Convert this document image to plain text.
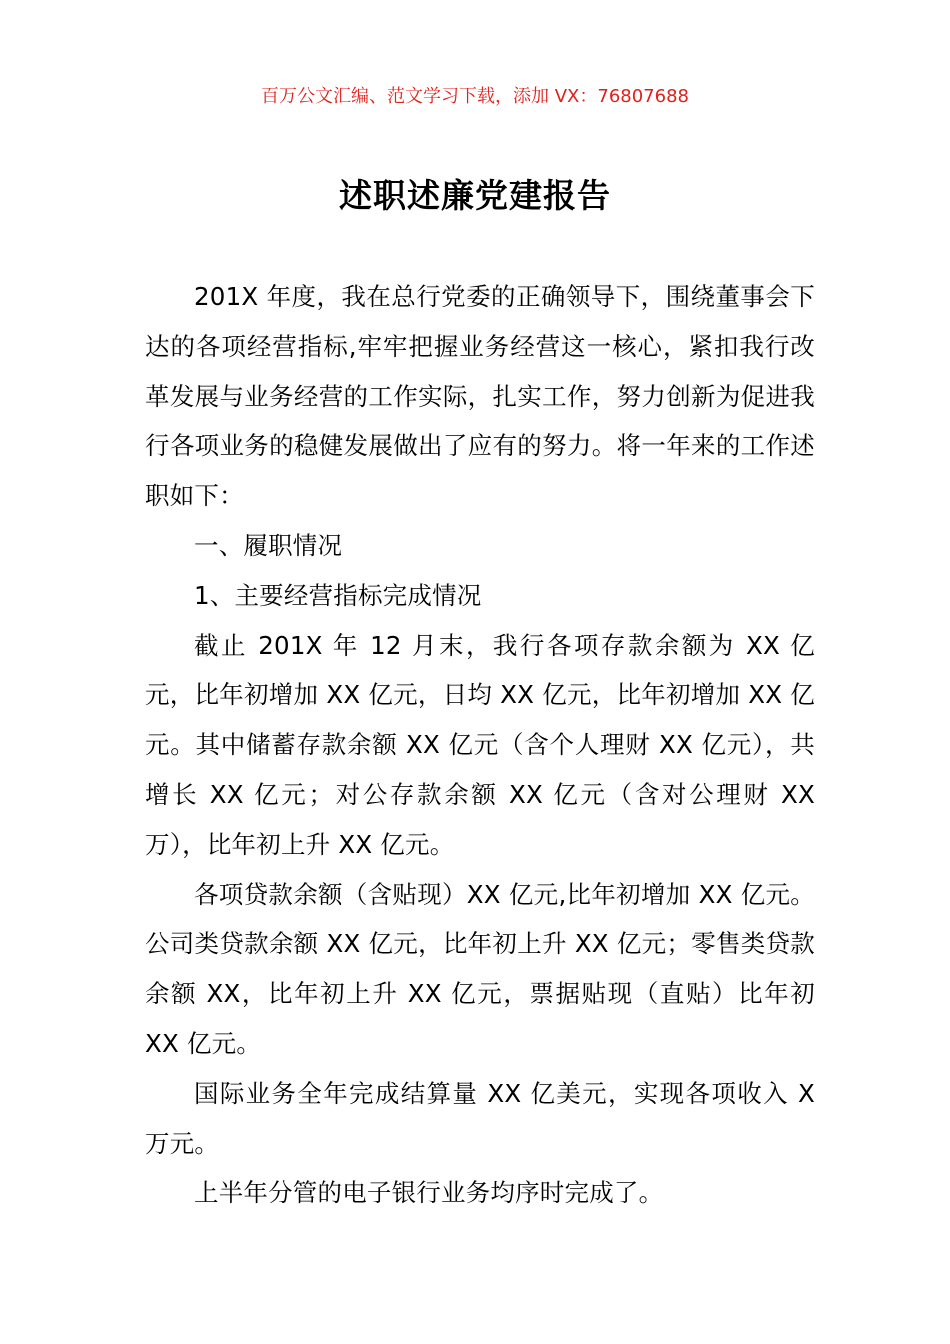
百万公文汇编、范文学习下载，添加 VX：76807688
述职述廉党建报告

201X 年度，我在总行党委的正确领导下，围绕董事会下达的各项经营指标,牢牢把握业务经营这一核心，紧扣我行改革发展与业务经营的工作实际，扎实工作，努力创新为促进我行各项业务的稳健发展做出了应有的努力。将一年来的工作述职如下：

一、履职情况

1、主要经营指标完成情况

截止 201X 年 12 月末，我行各项存款余额为 XX 亿元，比年初增加 XX 亿元，日均 XX 亿元，比年初增加 XX 亿元。其中储蓄存款余额 XX 亿元（含个人理财 XX 亿元），共增长 XX 亿元；对公存款余额 XX 亿元（含对公理财 XX 万），比年初上升 XX 亿元。

各项贷款余额（含贴现）XX 亿元,比年初增加 XX 亿元。公司类贷款余额 XX 亿元，比年初上升 XX 亿元；零售类贷款余额 XX，比年初上升 XX 亿元，票据贴现（直贴）比年初 XX 亿元。

国际业务全年完成结算量 XX 亿美元，实现各项收入 X 万元。

上半年分管的电子银行业务均序时完成了。
